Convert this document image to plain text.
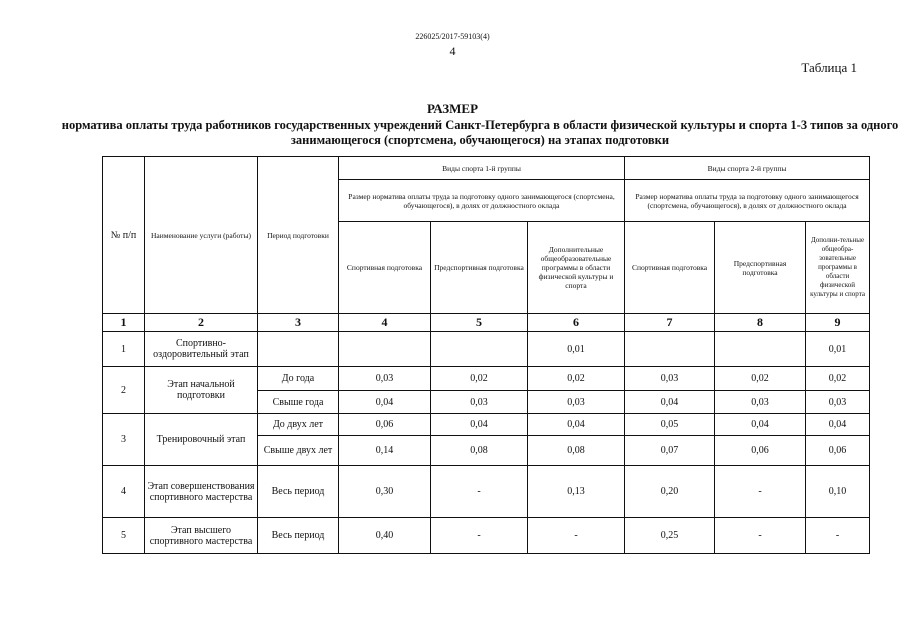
226025/2017-59103(4)
4
Таблица 1
РАЗМЕР
норматива оплаты труда работников государственных учреждений Санкт-Петербурга в области физической культуры и спорта 1-3 типов за одного занимающегося (спортсмена, обучающегося) на этапах подготовки
№ п/п	Наименование услуги (работы)	Период подготовки	Виды спорта 1-й группы			Виды спорта 2-й группы		
			Размер норматива оплаты труда за подготовку одного занимающегося (спортсмена, обучающегося), в долях от должностного оклада			Размер норматива оплаты труда за подготовку одного занимающегося (спортсмена, обучающегося), в долях от должностного оклада		
			Спортивная подготовка	Предспортивная подготовка	Дополнительные общеобразовательные программы в области физической культуры и спорта	Спортивная подготовка	Предспортивная подготовка	Дополни-тельные общеобра-зовательные программы в области физической культуры и спорта
1	2	3	4	5	6	7	8	9
1	Спортивно-оздоровительный этап				0,01			0,01
2	Этап начальной подготовки	До года	0,03	0,02	0,02	0,03	0,02	0,02
		Свыше года	0,04	0,03	0,03	0,04	0,03	0,03
3	Тренировочный этап	До двух лет	0,06	0,04	0,04	0,05	0,04	0,04
		Свыше двух лет	0,14	0,08	0,08	0,07	0,06	0,06
4	Этап совершенствования спортивного мастерства	Весь период	0,30	-	0,13	0,20	-	0,10
5	Этап высшего спортивного мастерства	Весь период	0,40	-	-	0,25	-	-
